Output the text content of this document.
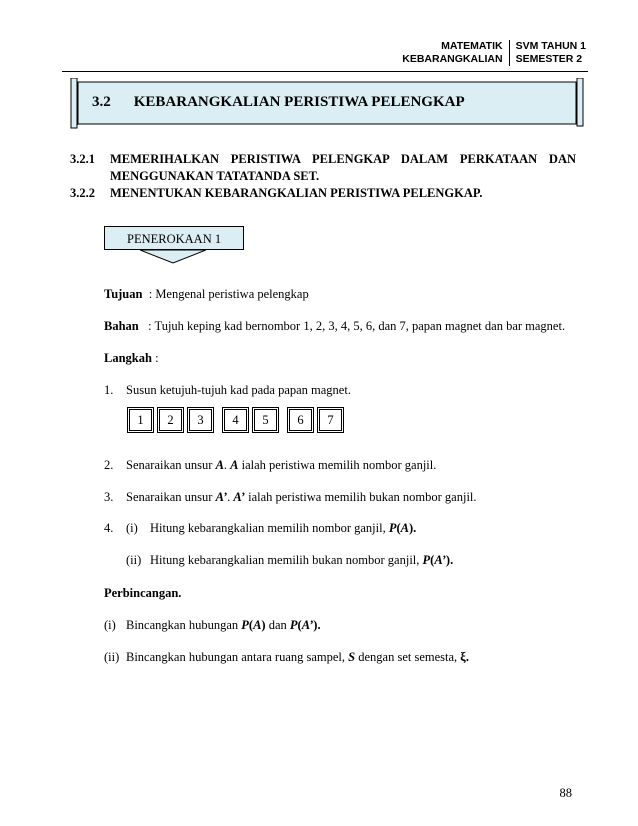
MATEMATIK
KEBARANGKALIAN
SVM TAHUN 1
SEMESTER 2
3.2 KEBARANGKALIAN PERISTIWA PELENGKAP
3.2.1 MEMERIHALKAN PERISTIWA PELENGKAP DALAM PERKATAAN DAN
MENGGUNAKAN TATATANDA SET.
3.2.2 MENENTUKAN KEBARANGKALIAN PERISTIWA PELENGKAP.
PENEROKAAN 1
Tujuan : Mengenal peristiwa pelengkap
Bahan : Tujuh keping kad bernombor 1, 2, 3, 4, 5, 6, dan 7, papan magnet dan bar magnet.
Langkah :
1. Susun ketujuh-tujuh kad pada papan magnet.
1	2	3	4	5	6	7
2. Senaraikan unsur A. A ialah peristiwa memilih nombor ganjil.
3. Senaraikan unsur A’. A’ ialah peristiwa memilih bukan nombor ganjil.
4. (i) Hitung kebarangkalian memilih nombor ganjil, P(A).
(ii) Hitung kebarangkalian memilih bukan nombor ganjil, P(A’).
Perbincangan.
(i) Bincangkan hubungan P(A) dan P(A’).
(ii) Bincangkan hubungan antara ruang sampel, S dengan set semesta, ξ.
88
